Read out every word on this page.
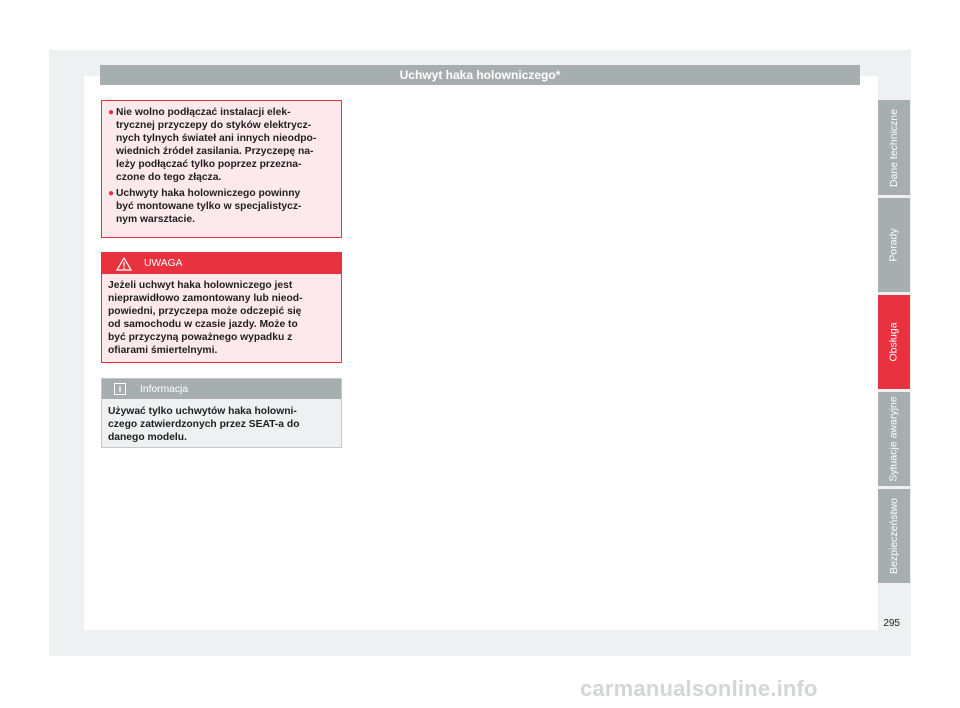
Uchwyt haka holowniczego*
● Nie wolno podłączać instalacji elek-
trycznej przyczepy do styków elektrycz-
nych tylnych świateł ani innych nieodpo-
wiednich źródeł zasilania. Przyczepę na-
leży podłączać tylko poprzez przezna-
czone do tego złącza.
● Uchwyty haka holowniczego powinny
być montowane tylko w specjalistycz-
nym warsztacie.
UWAGA
Jeżeli uchwyt haka holowniczego jest
nieprawidłowo zamontowany lub nieod-
powiedni, przyczepa może odczepić się
od samochodu w czasie jazdy. Może to
być przyczyną poważnego wypadku z
ofiarami śmiertelnymi.
i	Informacja
Używać tylko uchwytów haka holowni-
czego zatwierdzonych przez SEAT-a do
danego modelu.
Dane techniczne
Porady
Obsługa
Sytuacje awaryjne
Bezpieczeństwo
295
carmanualsonline.info
